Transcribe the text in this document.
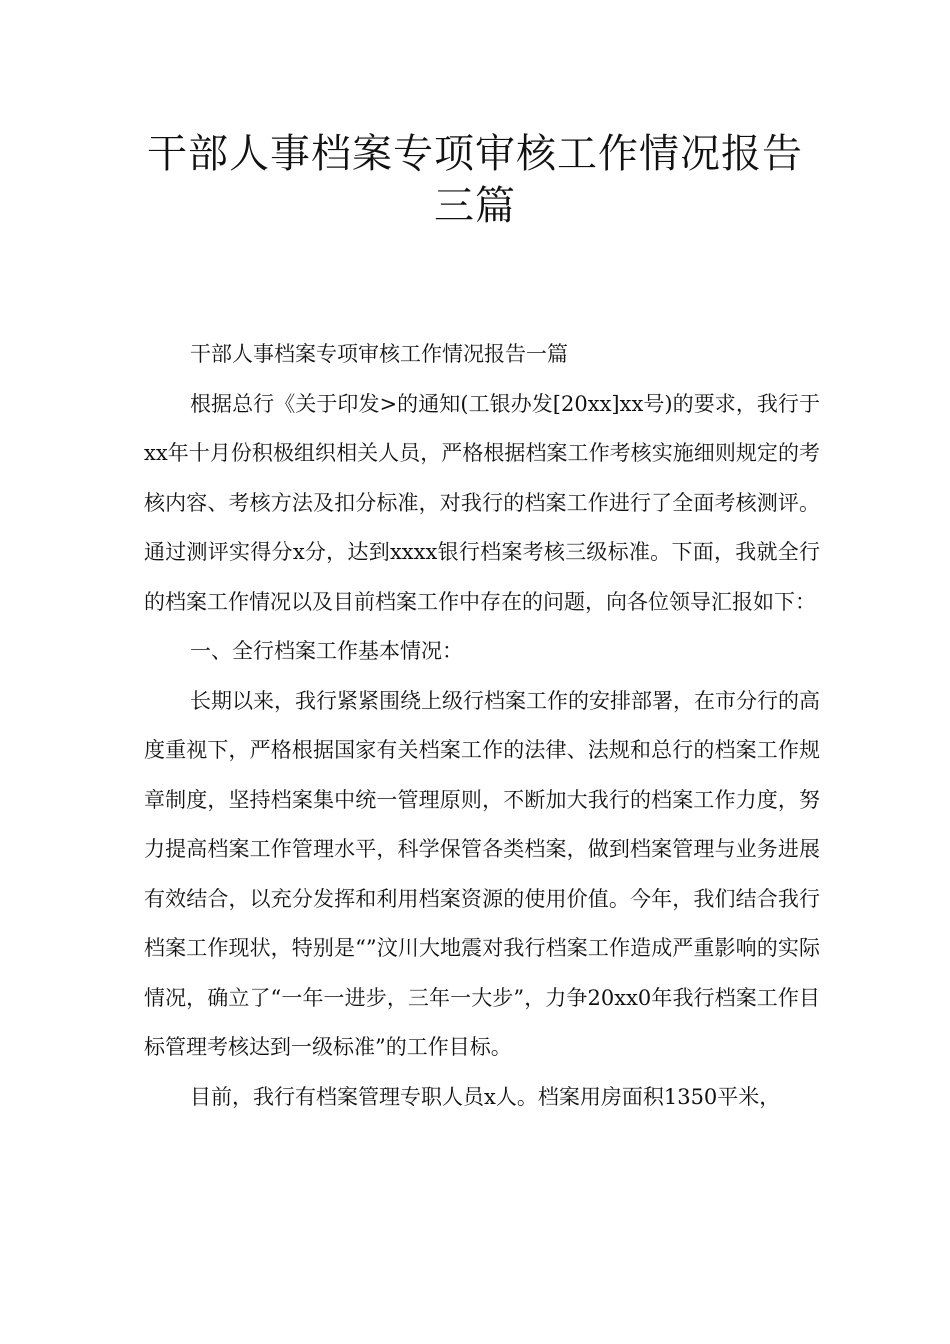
干部人事档案专项审核工作情况报告三篇

干部人事档案专项审核工作情况报告一篇

根据总行《关于印发>的通知(工银办发[20xx]xx号)的要求，我行于xx年十月份积极组织相关人员，严格根据档案工作考核实施细则规定的考核内容、考核方法及扣分标准，对我行的档案工作进行了全面考核测评。通过测评实得分x分，达到xxxx银行档案考核三级标准。下面，我就全行的档案工作情况以及目前档案工作中存在的问题，向各位领导汇报如下：

一、全行档案工作基本情况：

长期以来，我行紧紧围绕上级行档案工作的安排部署，在市分行的高度重视下，严格根据国家有关档案工作的法律、法规和总行的档案工作规章制度，坚持档案集中统一管理原则，不断加大我行的档案工作力度，努力提高档案工作管理水平，科学保管各类档案，做到档案管理与业务进展有效结合，以充分发挥和利用档案资源的使用价值。今年，我们结合我行档案工作现状，特别是“”汶川大地震对我行档案工作造成严重影响的实际情况，确立了“一年一进步，三年一大步”，力争20xx0年我行档案工作目标管理考核达到一级标准”的工作目标。

目前，我行有档案管理专职人员x人。档案用房面积1350平米，
